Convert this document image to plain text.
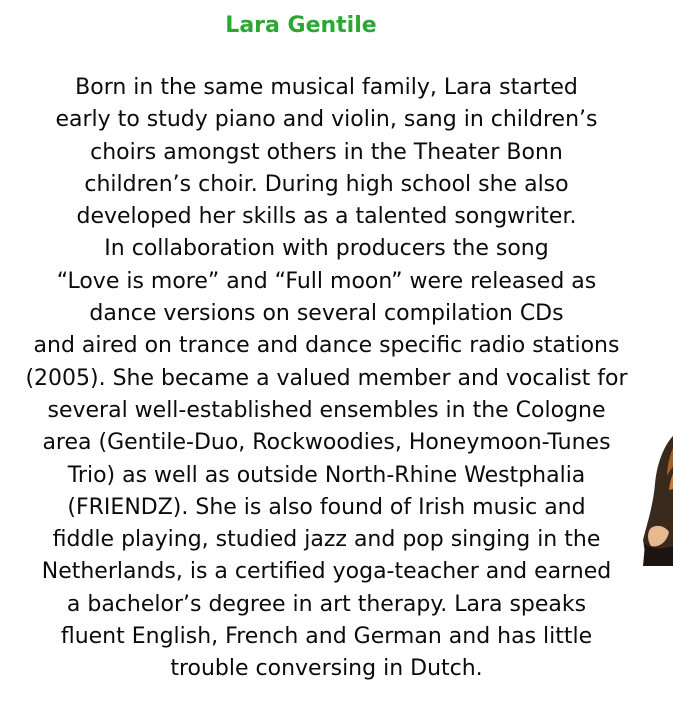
Lara Gentile

Born in the same musical family, Lara started
early to study piano and violin, sang in children’s
choirs amongst others in the Theater Bonn
children’s choir. During high school she also
developed her skills as a talented songwriter.
In collaboration with producers the song
“Love is more” and “Full moon” were released as
dance versions on several compilation CDs
and aired on trance and dance specific radio stations
(2005). She became a valued member and vocalist for
several well-established ensembles in the Cologne
area (Gentile-Duo, Rockwoodies, Honeymoon-Tunes
Trio) as well as outside North-Rhine Westphalia
(FRIENDZ). She is also found of Irish music and
fiddle playing, studied jazz and pop singing in the
Netherlands, is a certified yoga-teacher and earned
a bachelor’s degree in art therapy. Lara speaks
fluent English, French and German and has little
trouble conversing in Dutch.
